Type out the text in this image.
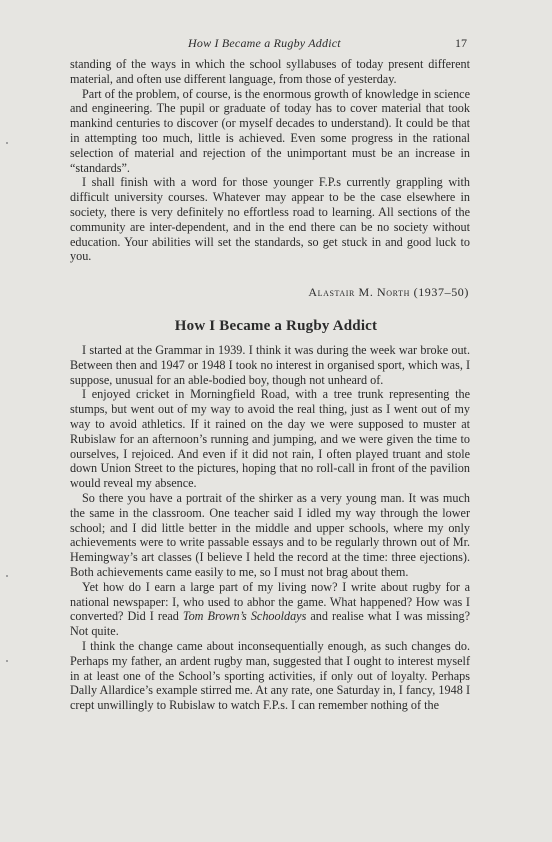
How I Became a Rugby Addict	17

standing of the ways in which the school syllabuses of today present different material, and often use different language, from those of yesterday.

Part of the problem, of course, is the enormous growth of knowledge in science and engineering. The pupil or graduate of today has to cover material that took mankind centuries to discover (or myself decades to understand). It could be that in attempting too much, little is achieved. Even some progress in the rational selection of material and rejection of the unimportant must be an increase in “standards”.

I shall finish with a word for those younger F.P.s currently grappling with difficult university courses. Whatever may appear to be the case elsewhere in society, there is very definitely no effortless road to learning. All sections of the community are inter-dependent, and in the end there can be no society without education. Your abilities will set the standards, so get stuck in and good luck to you.

Alastair M. North (1937–50)
How I Became a Rugby Addict

I started at the Grammar in 1939. I think it was during the week war broke out. Between then and 1947 or 1948 I took no interest in organised sport, which was, I suppose, unusual for an able-bodied boy, though not unheard of.

I enjoyed cricket in Morningfield Road, with a tree trunk representing the stumps, but went out of my way to avoid the real thing, just as I went out of my way to avoid athletics. If it rained on the day we were supposed to muster at Rubislaw for an afternoon’s running and jumping, and we were given the time to ourselves, I rejoiced. And even if it did not rain, I often played truant and stole down Union Street to the pictures, hoping that no roll-call in front of the pavilion would reveal my absence.

So there you have a portrait of the shirker as a very young man. It was much the same in the classroom. One teacher said I idled my way through the lower school; and I did little better in the middle and upper schools, where my only achievements were to write passable essays and to be regularly thrown out of Mr. Hemingway’s art classes (I believe I held the record at the time: three ejections). Both achievements came easily to me, so I must not brag about them.

Yet how do I earn a large part of my living now? I write about rugby for a national newspaper: I, who used to abhor the game. What happened? How was I converted? Did I read Tom Brown’s Schooldays and realise what I was missing? Not quite.

I think the change came about inconsequentially enough, as such changes do. Perhaps my father, an ardent rugby man, suggested that I ought to interest myself in at least one of the School’s sporting activities, if only out of loyalty. Perhaps Dally Allardice’s example stirred me. At any rate, one Saturday in, I fancy, 1948 I crept unwillingly to Rubislaw to watch F.P.s. I can remember nothing of the
